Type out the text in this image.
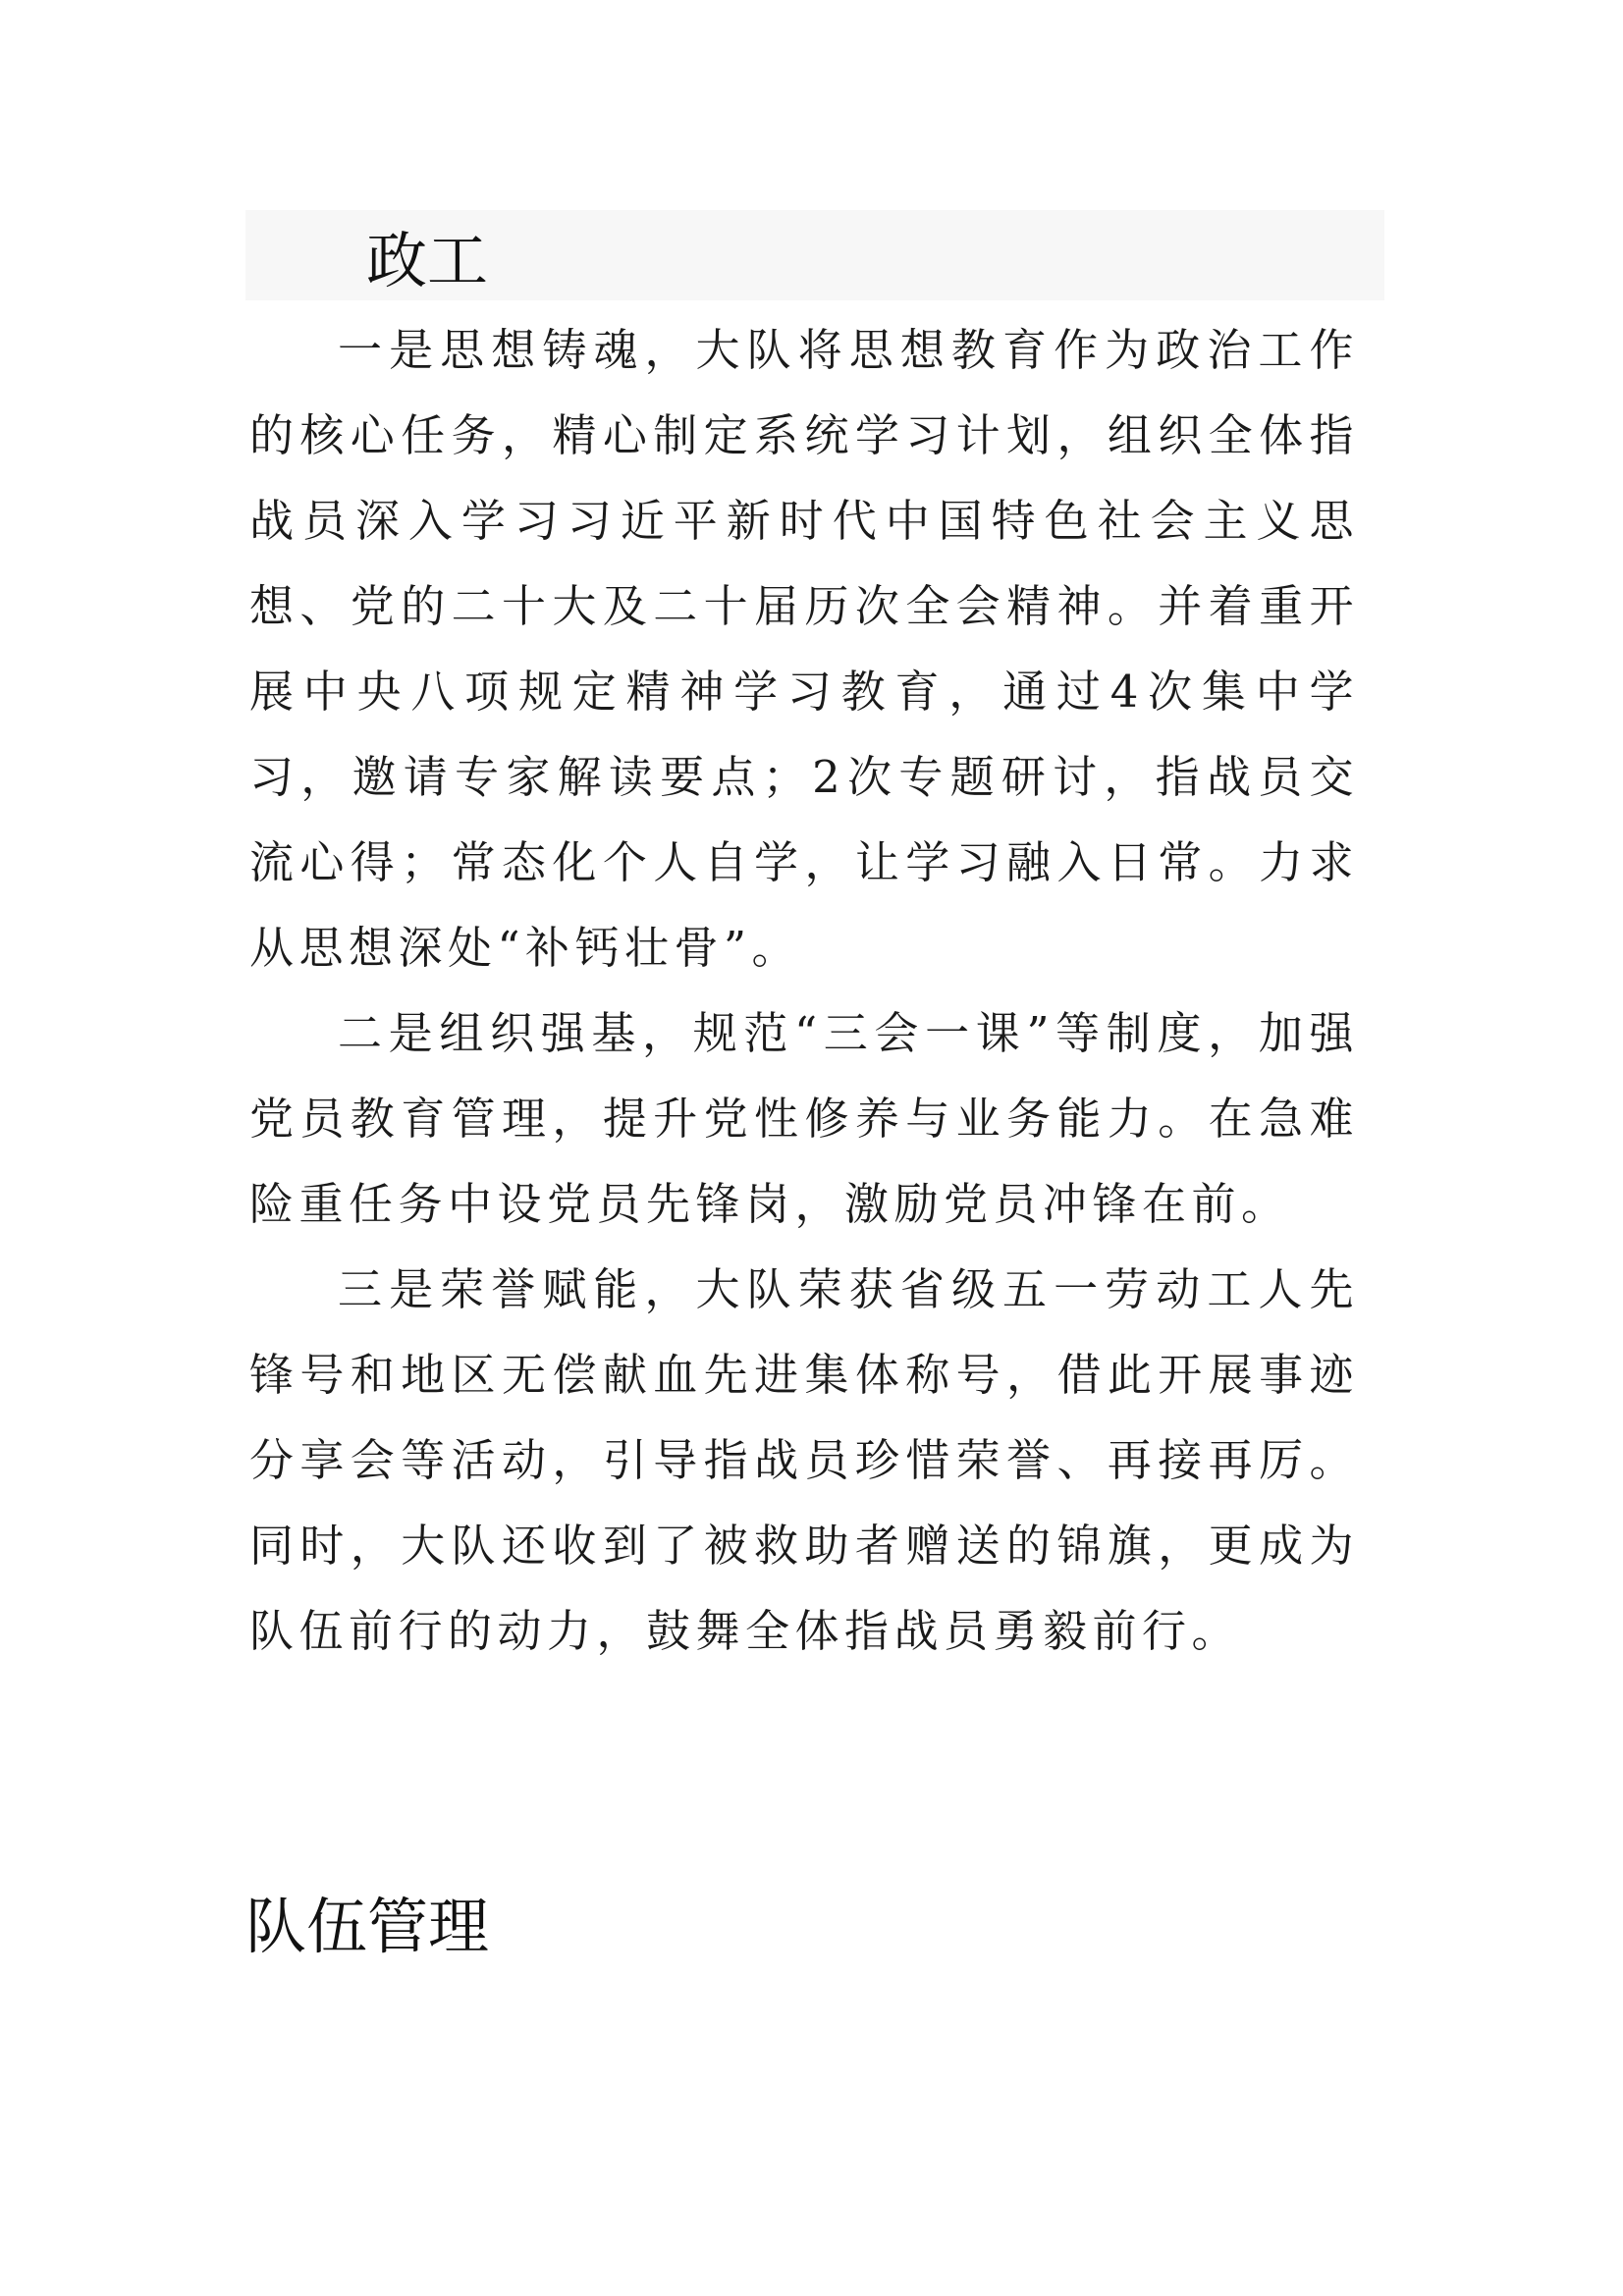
政工

一是思想铸魂，大队将思想教育作为政治工作的核心任务，精心制定系统学习计划，组织全体指战员深入学习习近平新时代中国特色社会主义思想、党的二十大及二十届历次全会精神。并着重开展中央八项规定精神学习教育，通过4次集中学习，邀请专家解读要点；2次专题研讨，指战员交流心得；常态化个人自学，让学习融入日常。力求从思想深处“补钙壮骨”。

二是组织强基，规范“三会一课”等制度，加强党员教育管理，提升党性修养与业务能力。在急难险重任务中设党员先锋岗，激励党员冲锋在前。

三是荣誉赋能，大队荣获省级五一劳动工人先锋号和地区无偿献血先进集体称号，借此开展事迹分享会等活动，引导指战员珍惜荣誉、再接再厉。同时，大队还收到了被救助者赠送的锦旗，更成为队伍前行的动力，鼓舞全体指战员勇毅前行。

队伍管理
